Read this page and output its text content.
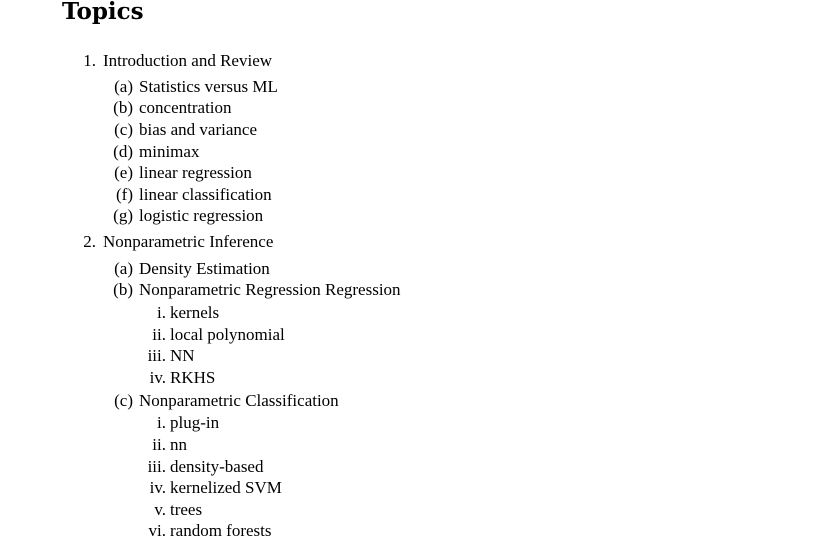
Topics
1. Introduction and Review
(a) Statistics versus ML
(b) concentration
(c) bias and variance
(d) minimax
(e) linear regression
(f) linear classification
(g) logistic regression
2. Nonparametric Inference
(a) Density Estimation
(b) Nonparametric Regression Regression
i. kernels
ii. local polynomial
iii. NN
iv. RKHS
(c) Nonparametric Classification
i. plug-in
ii. nn
iii. density-based
iv. kernelized SVM
v. trees
vi. random forests
